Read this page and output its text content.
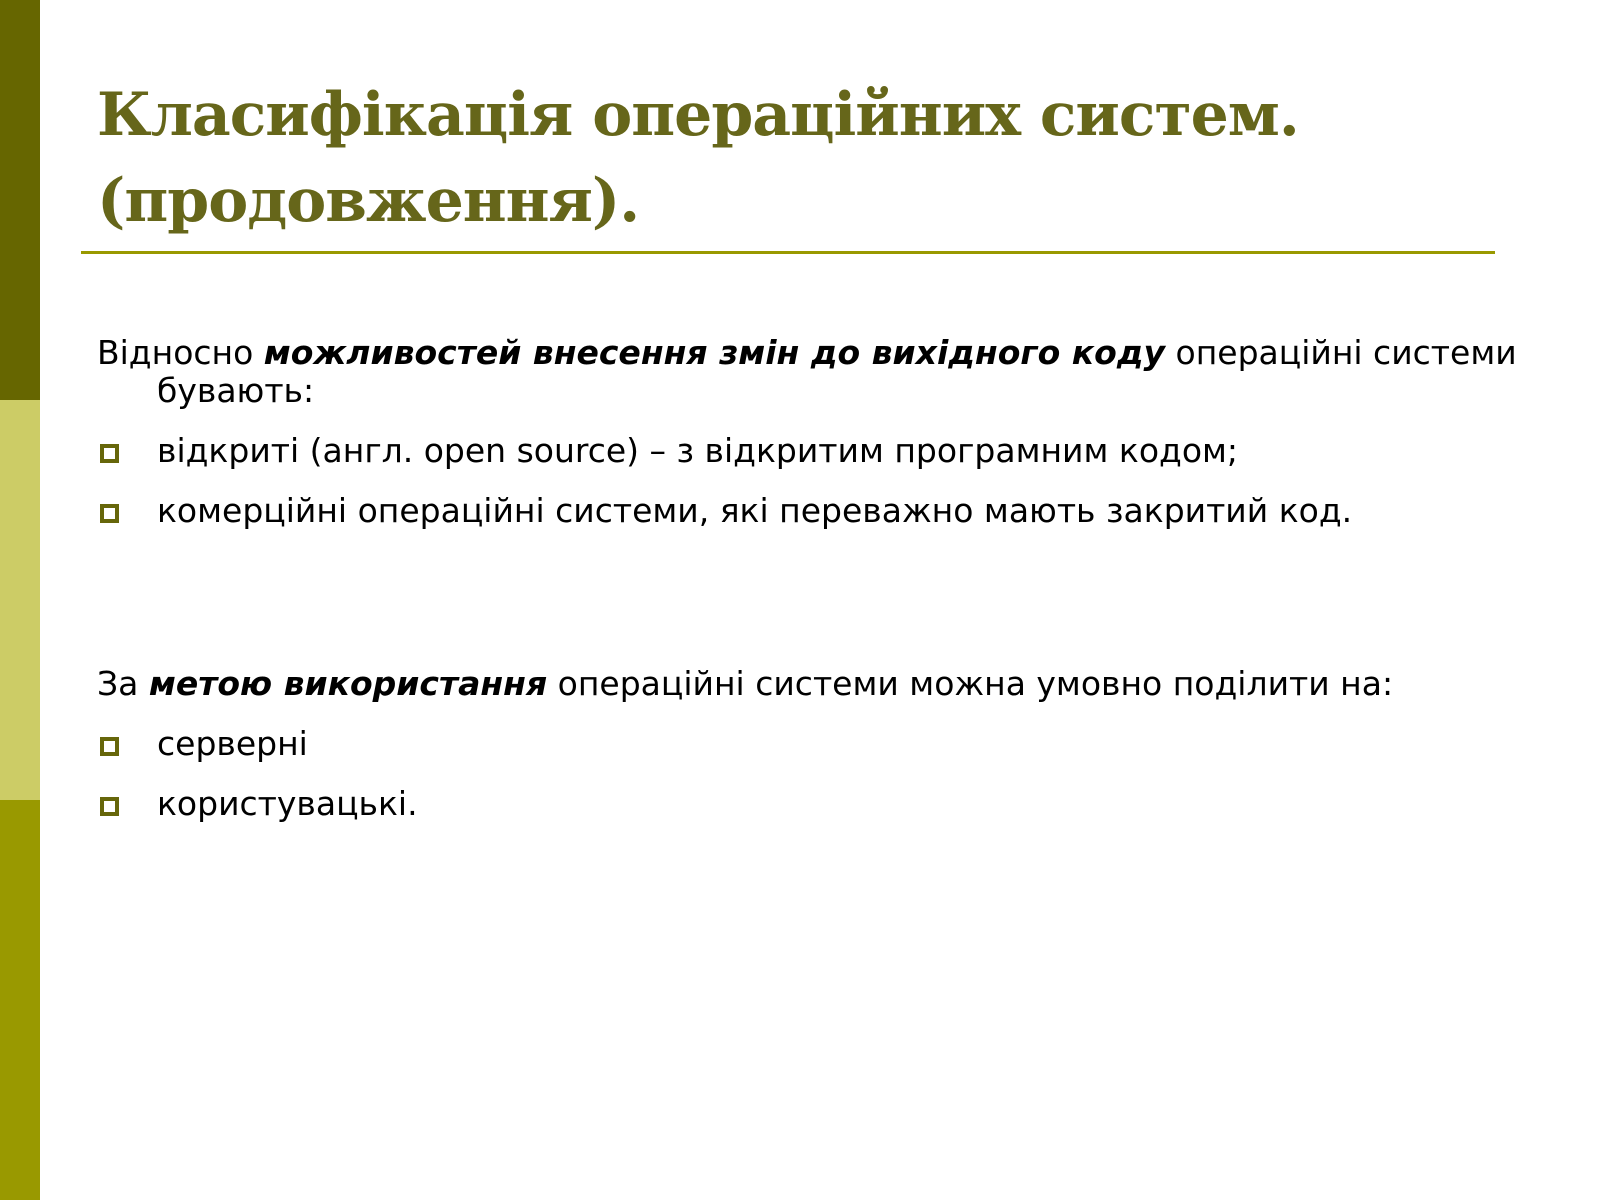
Класифікація операційних систем.
(продовження).

Відносно можливостей внесення змін до вихідного коду операційні системи бувають:

відкриті (англ. open source) – з відкритим програмним кодом;
комерційні операційні системи, які переважно мають закритий код.

За метою використання операційні системи можна умовно поділити на:

серверні
користувацькі.
